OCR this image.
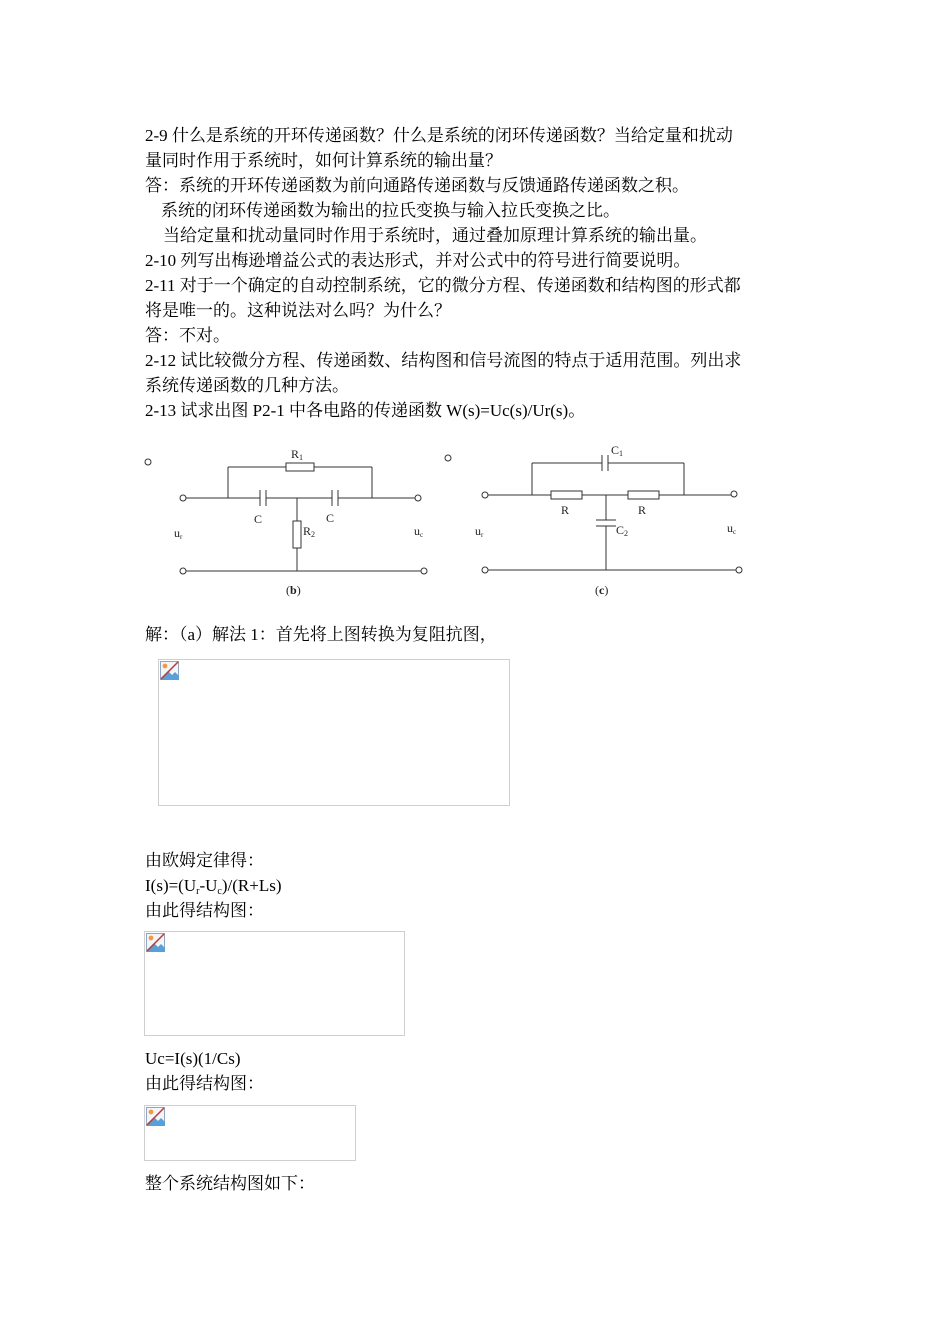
2-9 什么是系统的开环传递函数？什么是系统的闭环传递函数？当给定量和扰动
量同时作用于系统时，如何计算系统的输出量？
答：系统的开环传递函数为前向通路传递函数与反馈通路传递函数之积。
系统的闭环传递函数为输出的拉氏变换与输入拉氏变换之比。
当给定量和扰动量同时作用于系统时，通过叠加原理计算系统的输出量。
2-10 列写出梅逊增益公式的表达形式，并对公式中的符号进行简要说明。
2-11 对于一个确定的自动控制系统，它的微分方程、传递函数和结构图的形式都
将是唯一的。这种说法对么吗？为什么？
答：不对。
2-12 试比较微分方程、传递函数、结构图和信号流图的特点于适用范围。列出求
系统传递函数的几种方法。
2-13 试求出图 P2-1 中各电路的传递函数 W(s)=Uc(s)/Ur(s)。
R1
C	C
R2
ur	uc
(b)
C1
R	R
C2
ur	uc
(c)
解：（a）解法 1：首先将上图转换为复阻抗图，
由欧姆定律得：
$I(s)=(U_r-U_c)/(R+Ls)$
由此得结构图：
Uc=I(s)(1/Cs)
由此得结构图：
整个系统结构图如下：
